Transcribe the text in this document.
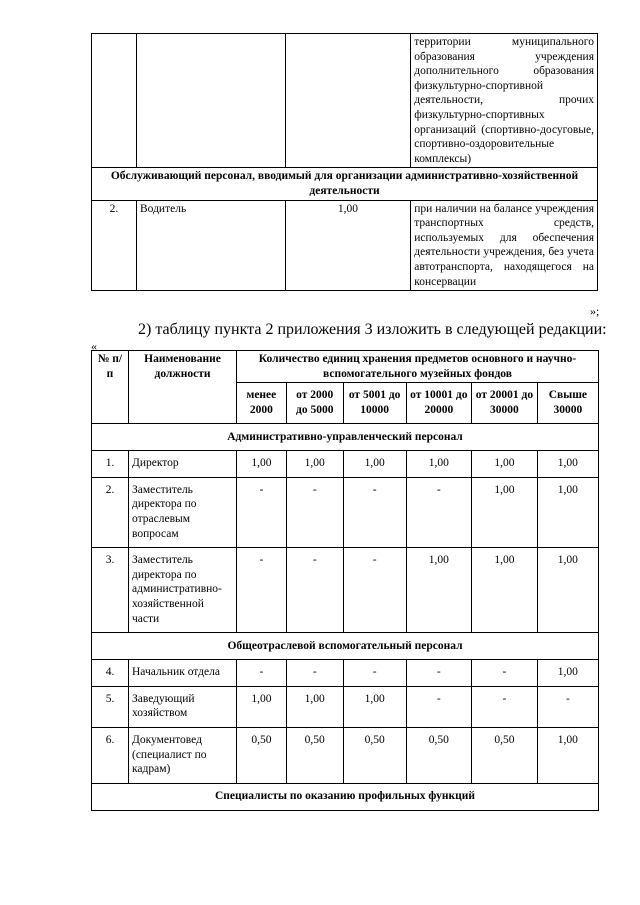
			территории муниципального образования учреждения дополнительного образования физкультурно-спортивной деятельности, прочих физкультурно-спортивных организаций (спортивно-досуговые, спортивно-оздоровительные комплексы)
Обслуживающий персонал, вводимый для организации административно-хозяйственной деятельности			
2.	Водитель	1,00	при наличии на балансе учреждения транспортных средств, используемых для обеспечения деятельности учреждения, без учета автотранспорта, находящегося на консервации
»;
2) таблицу пункта 2 приложения 3 изложить в следующей редакции:
«
№ п/п	Наименование должности	Количество единиц хранения предметов основного и научно-вспомогательного музейных фондов					
		менее 2000	от 2000 до 5000	от 5001 до 10000	от 10001 до 20000	от 20001 до 30000	Свыше 30000
Административно-управленческий персонал							
1.	Директор	1,00	1,00	1,00	1,00	1,00	1,00
2.	Заместитель директора по отраслевым вопросам	-	-	-	-	1,00	1,00
3.	Заместитель директора по административно-хозяйственной части	-	-	-	1,00	1,00	1,00
Общеотраслевой вспомогательный персонал							
4.	Начальник отдела	-	-	-	-	-	1,00
5.	Заведующий хозяйством	1,00	1,00	1,00	-	-	-
6.	Документовед (специалист по кадрам)	0,50	0,50	0,50	0,50	0,50	1,00
Специалисты по оказанию профильных функций							
